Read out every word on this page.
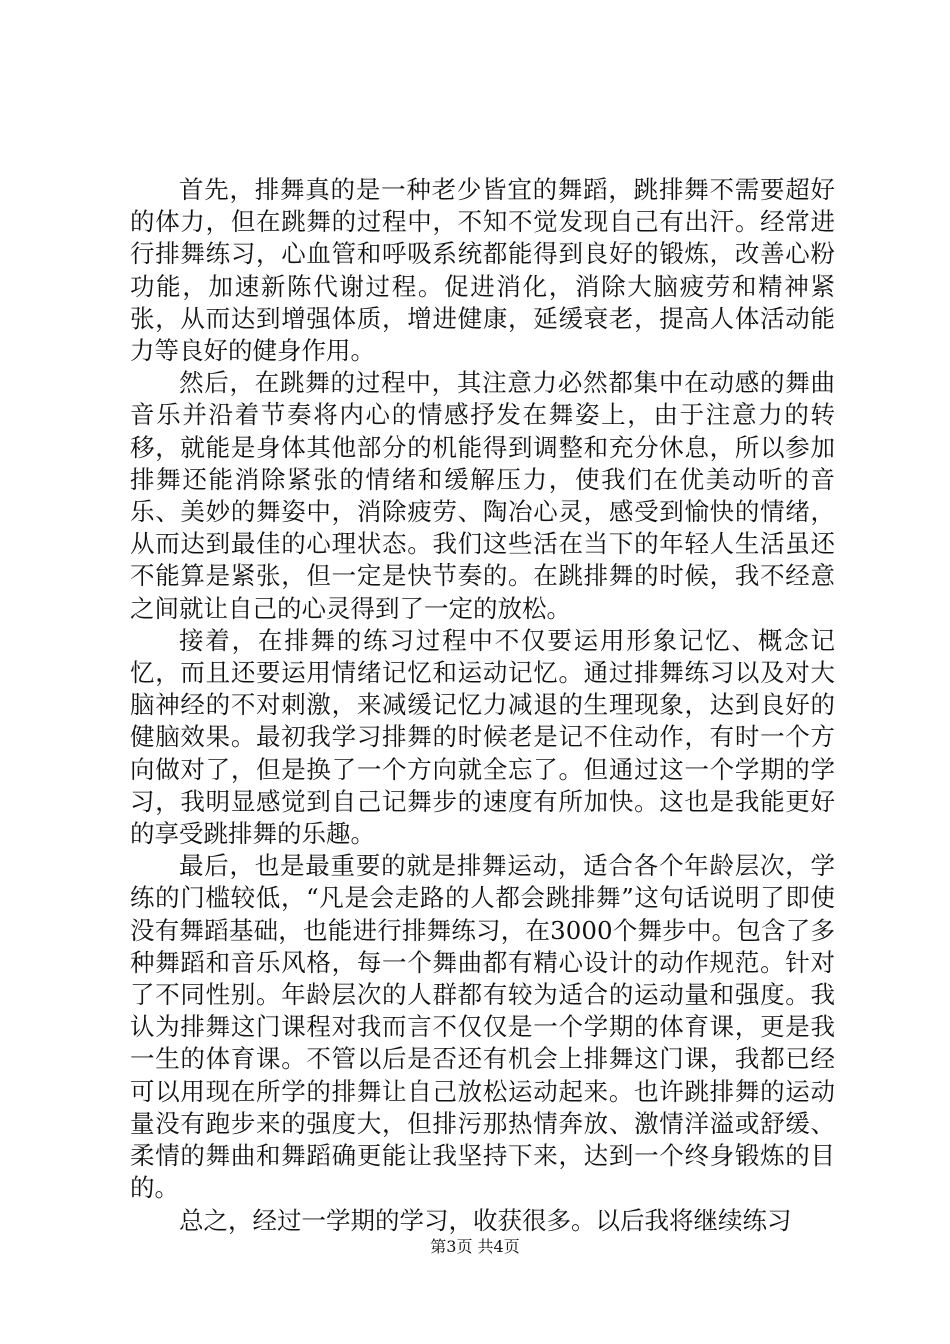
首先，排舞真的是一种老少皆宜的舞蹈，跳排舞不需要超好的体力，但在跳舞的过程中，不知不觉发现自己有出汗。经常进行排舞练习，心血管和呼吸系统都能得到良好的锻炼，改善心粉功能，加速新陈代谢过程。促进消化，消除大脑疲劳和精神紧张，从而达到增强体质，增进健康，延缓衰老，提高人体活动能力等良好的健身作用。

然后，在跳舞的过程中，其注意力必然都集中在动感的舞曲音乐并沿着节奏将内心的情感抒发在舞姿上，由于注意力的转移，就能是身体其他部分的机能得到调整和充分休息，所以参加排舞还能消除紧张的情绪和缓解压力，使我们在优美动听的音乐、美妙的舞姿中，消除疲劳、陶冶心灵，感受到愉快的情绪，从而达到最佳的心理状态。我们这些活在当下的年轻人生活虽还不能算是紧张，但一定是快节奏的。在跳排舞的时候，我不经意之间就让自己的心灵得到了一定的放松。

接着，在排舞的练习过程中不仅要运用形象记忆、概念记忆，而且还要运用情绪记忆和运动记忆。通过排舞练习以及对大脑神经的不对刺激，来减缓记忆力减退的生理现象，达到良好的健脑效果。最初我学习排舞的时候老是记不住动作，有时一个方向做对了，但是换了一个方向就全忘了。但通过这一个学期的学习，我明显感觉到自己记舞步的速度有所加快。这也是我能更好的享受跳排舞的乐趣。

最后，也是最重要的就是排舞运动，适合各个年龄层次，学练的门槛较低，“凡是会走路的人都会跳排舞”这句话说明了即使没有舞蹈基础，也能进行排舞练习，在3000个舞步中。包含了多种舞蹈和音乐风格，每一个舞曲都有精心设计的动作规范。针对了不同性别。年龄层次的人群都有较为适合的运动量和强度。我认为排舞这门课程对我而言不仅仅是一个学期的体育课，更是我一生的体育课。不管以后是否还有机会上排舞这门课，我都已经可以用现在所学的排舞让自己放松运动起来。也许跳排舞的运动量没有跑步来的强度大，但排污那热情奔放、激情洋溢或舒缓、柔情的舞曲和舞蹈确更能让我坚持下来，达到一个终身锻炼的目的。

总之，经过一学期的学习，收获很多。以后我将继续练习

第3页 共4页
